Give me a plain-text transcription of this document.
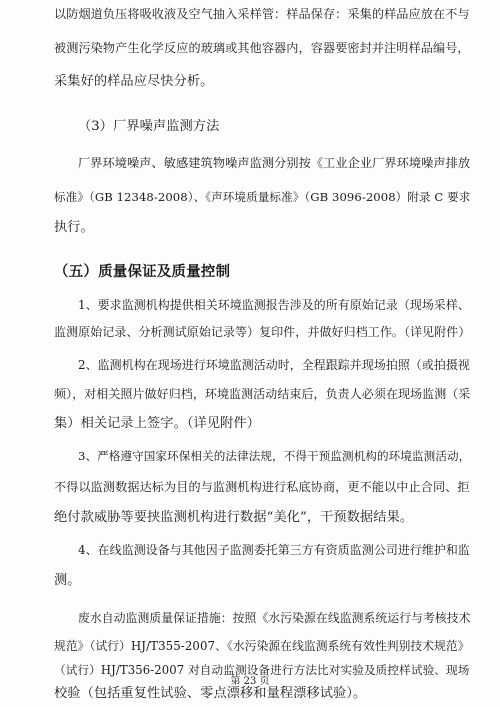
以防烟道负压将吸收液及空气抽入采样管：样品保存：采集的样品应放在不与
被测污染物产生化学反应的玻璃或其他容器内，容器要密封并注明样品编号，
采集好的样品应尽快分析。
（3）厂界噪声监测方法
厂界环境噪声、敏感建筑物噪声监测分别按《工业企业厂界环境噪声排放
标准》（GB 12348-2008）、《声环境质量标准》（GB 3096-2008）附录 C 要求
执行。
（五）质量保证及质量控制
1、要求监测机构提供相关环境监测报告涉及的所有原始记录（现场采样、
监测原始记录、分析测试原始记录等）复印件，并做好归档工作。（详见附件）
2、监测机构在现场进行环境监测活动时，全程跟踪并现场拍照（或拍摄视
频），对相关照片做好归档，环境监测活动结束后，负责人必须在现场监测（采
集）相关记录上签字。（详见附件）
3、严格遵守国家环保相关的法律法规，不得干预监测机构的环境监测活动，
不得以监测数据达标为目的与监测机构进行私底协商，更不能以中止合同、拒
绝付款威胁等要挟监测机构进行数据“美化”，干预数据结果。
4、在线监测设备与其他因子监测委托第三方有资质监测公司进行维护和监
测。
废水自动监测质量保证措施：按照《水污染源在线监测系统运行与考核技术
规范》（试行）HJ/T355-2007、《水污染源在线监测系统有效性判别技术规范》
（试行）HJ/T356-2007 对自动监测设备进行方法比对实验及质控样试验、现场
校验（包括重复性试验、零点漂移和量程漂移试验）。
第 23 页
